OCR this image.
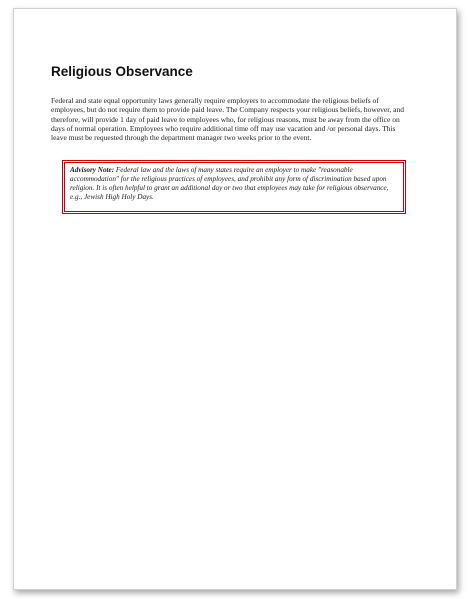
Religious Observance

Federal and state equal opportunity laws generally require employers to accommodate the religious beliefs of employees, but do not require them to provide paid leave. The Company respects your religious beliefs, however, and therefore, will provide 1 day of paid leave to employees who, for religious reasons, must be away from the office on days of normal operation. Employees who require additional time off may use vacation and /or personal days. This leave must be requested through the department manager two weeks prior to the event.

Advisory Note: Federal law and the laws of many states require an employer to make "reasonable accommodation" for the religious practices of employees, and prohibit any form of discrimination based upon religion. It is often helpful to grant an additional day or two that employees may take for religious observance, e.g., Jewish High Holy Days.
